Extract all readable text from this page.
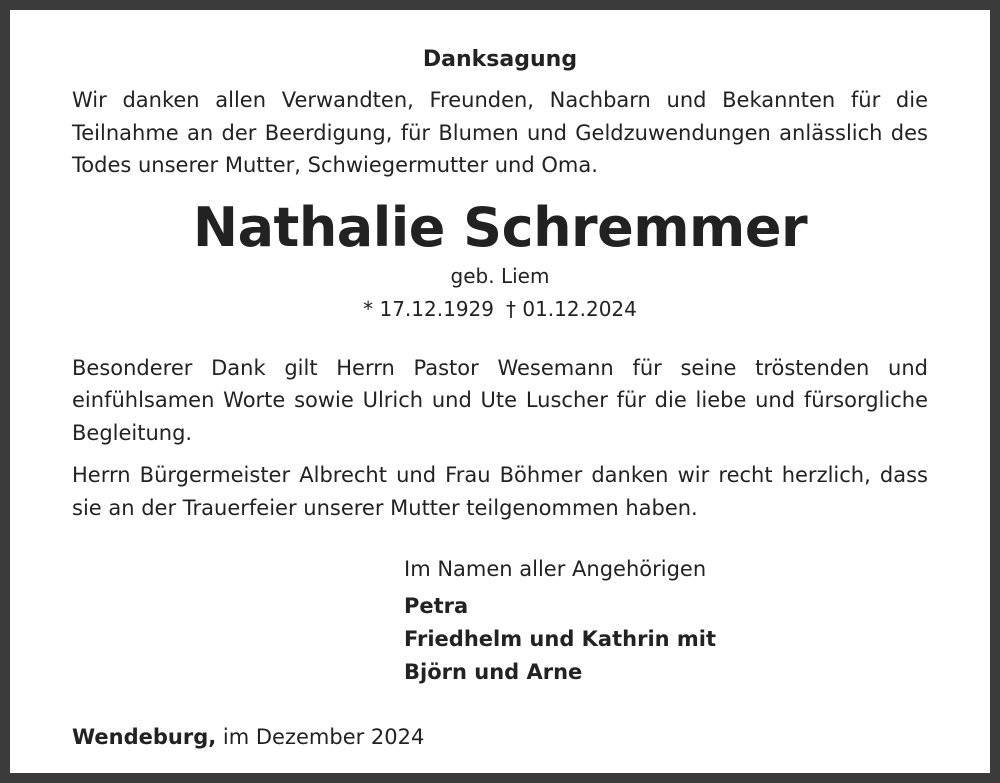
Danksagung

Wir danken allen Verwandten, Freunden, Nachbarn und Bekannten für die Teilnahme an der Beerdigung, für Blumen und Geldzuwendungen anlässlich des Todes unserer Mutter, Schwiegermutter und Oma.

Nathalie Schremmer

geb. Liem

* 17.12.1929 † 01.12.2024

Besonderer Dank gilt Herrn Pastor Wesemann für seine tröstenden und einfühlsamen Worte sowie Ulrich und Ute Luscher für die liebe und fürsorgliche Begleitung.

Herrn Bürgermeister Albrecht und Frau Böhmer danken wir recht herzlich, dass sie an der Trauerfeier unserer Mutter teilgenommen haben.

Im Namen aller Angehörigen

Petra

Friedhelm und Kathrin mit

Björn und Arne

Wendeburg, im Dezember 2024
